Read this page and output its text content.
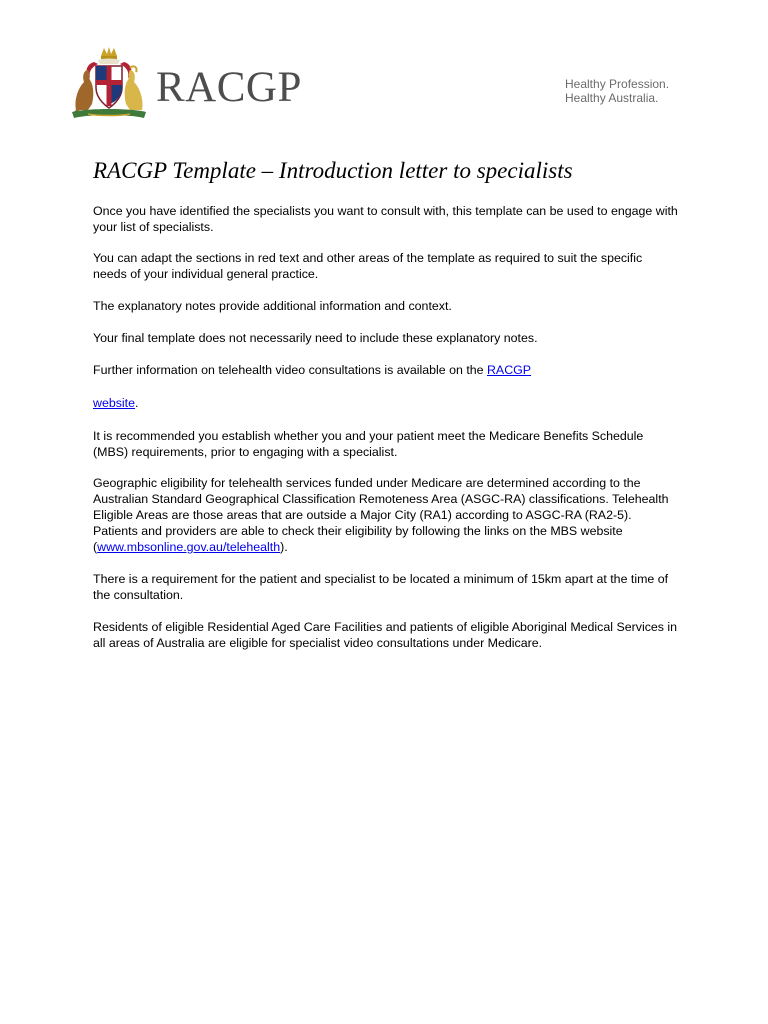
RACGP	Healthy Profession.
Healthy Australia.
RACGP Template – Introduction letter to specialists

Once you have identified the specialists you want to consult with, this template can be used to engage with your list of specialists.

You can adapt the sections in red text and other areas of the template as required to suit the specific needs of your individual general practice.

The explanatory notes provide additional information and context.

Your final template does not necessarily need to include these explanatory notes.

Further information on telehealth video consultations is available on the RACGP

website.

It is recommended you establish whether you and your patient meet the Medicare Benefits Schedule (MBS) requirements, prior to engaging with a specialist.

Geographic eligibility for telehealth services funded under Medicare are determined according to the Australian Standard Geographical Classification Remoteness Area (ASGC-RA) classifications. Telehealth Eligible Areas are those areas that are outside a Major City (RA1) according to ASGC-RA (RA2-5). Patients and providers are able to check their eligibility by following the links on the MBS website (www.mbsonline.gov.au/telehealth).

There is a requirement for the patient and specialist to be located a minimum of 15km apart at the time of the consultation.

Residents of eligible Residential Aged Care Facilities and patients of eligible Aboriginal Medical Services in all areas of Australia are eligible for specialist video consultations under Medicare.
